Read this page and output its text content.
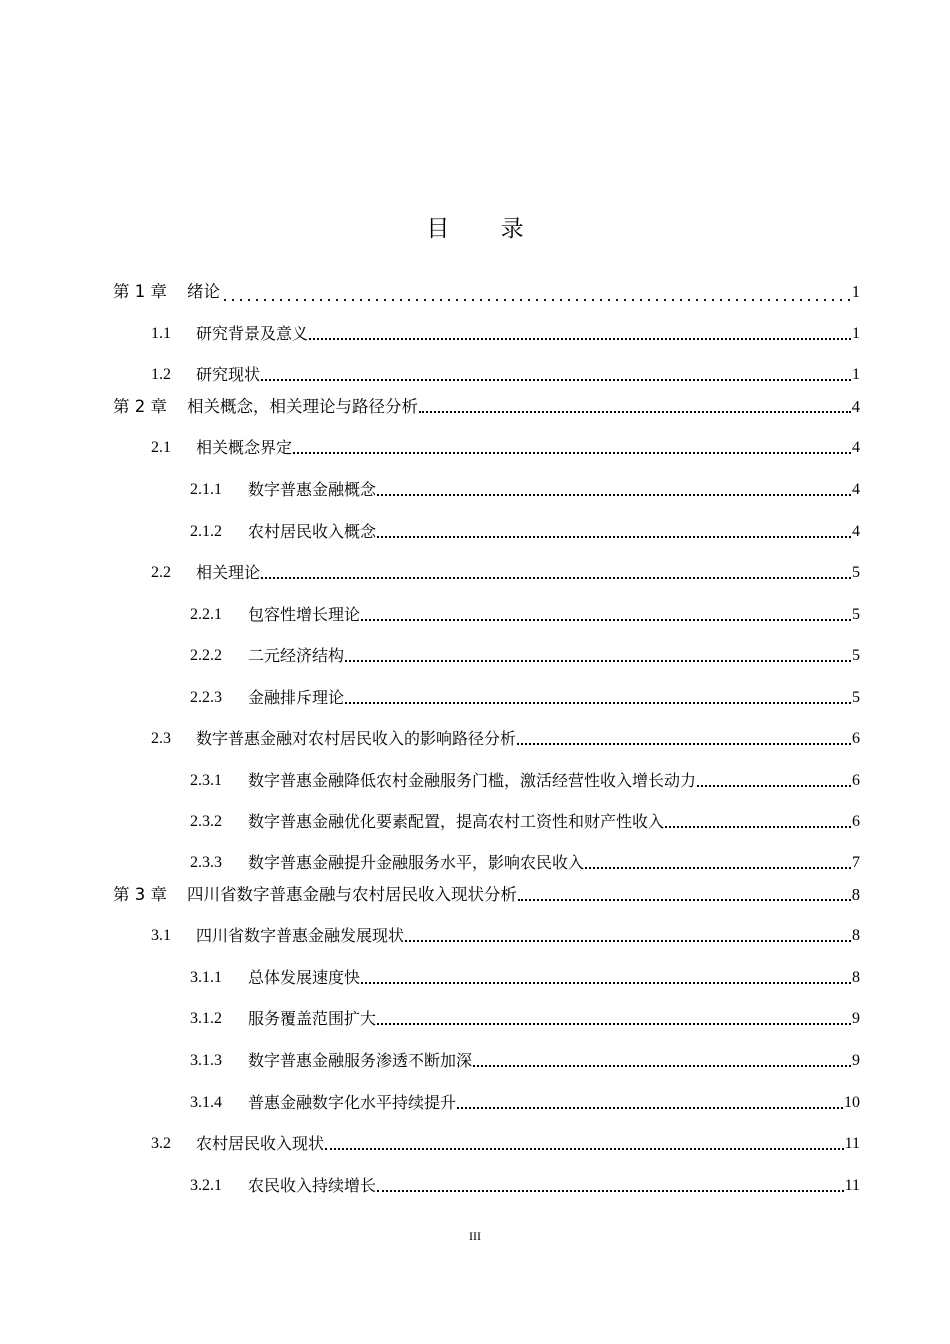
目 录
第 1 章	绪论	1
1.1	研究背景及意义	1
1.2	研究现状	1
第 2 章	相关概念，相关理论与路径分析	4
2.1	相关概念界定	4
2.1.1	数字普惠金融概念	4
2.1.2	农村居民收入概念	4
2.2	相关理论	5
2.2.1	包容性增长理论	5
2.2.2	二元经济结构	5
2.2.3	金融排斥理论	5
2.3	数字普惠金融对农村居民收入的影响路径分析	6
2.3.1	数字普惠金融降低农村金融服务门槛，激活经营性收入增长动力	6
2.3.2	数字普惠金融优化要素配置，提高农村工资性和财产性收入	6
2.3.3	数字普惠金融提升金融服务水平，影响农民收入	7
第 3 章	四川省数字普惠金融与农村居民收入现状分析	8
3.1	四川省数字普惠金融发展现状	8
3.1.1	总体发展速度快	8
3.1.2	服务覆盖范围扩大	9
3.1.3	数字普惠金融服务渗透不断加深	9
3.1.4	普惠金融数字化水平持续提升	10
3.2	农村居民收入现状	11
3.2.1	农民收入持续增长	11
III
